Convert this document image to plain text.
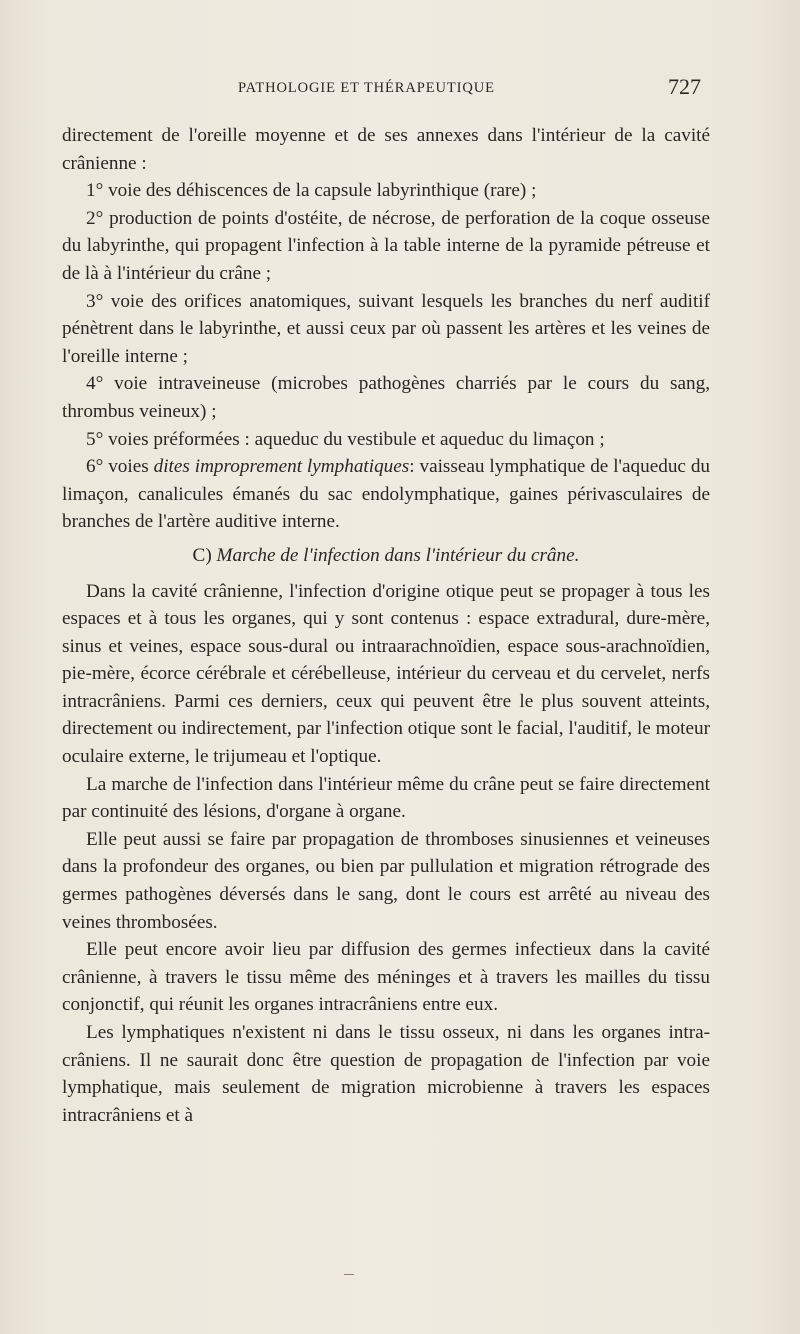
PATHOLOGIE ET THÉRAPEUTIQUE	727

directement de l'oreille moyenne et de ses annexes dans l'intérieur de la cavité crânienne :

1° voie des déhiscences de la capsule labyrinthique (rare) ;

2° production de points d'ostéite, de nécrose, de perforation de la coque osseuse du labyrinthe, qui propagent l'infection à la table interne de la pyramide pétreuse et de là à l'intérieur du crâne ;

3° voie des orifices anatomiques, suivant lesquels les branches du nerf auditif pénètrent dans le labyrinthe, et aussi ceux par où passent les artères et les veines de l'oreille interne ;

4° voie intraveineuse (microbes pathogènes charriés par le cours du sang, thrombus veineux) ;

5° voies préformées : aqueduc du vestibule et aqueduc du limaçon ;

6° voies dites improprement lymphatiques: vaisseau lymphatique de l'aqueduc du limaçon, canalicules émanés du sac endolymphatique, gaines périvasculaires de branches de l'artère auditive interne.

C) Marche de l'infection dans l'intérieur du crâne.

Dans la cavité crânienne, l'infection d'origine otique peut se propager à tous les espaces et à tous les organes, qui y sont contenus : espace extradural, dure-mère, sinus et veines, espace sous-dural ou intraarachnoïdien, espace sous-arachnoïdien, pie-mère, écorce cérébrale et cérébelleuse, intérieur du cerveau et du cervelet, nerfs intracrâniens. Parmi ces derniers, ceux qui peuvent être le plus souvent atteints, directement ou indirectement, par l'infection otique sont le facial, l'auditif, le moteur oculaire externe, le trijumeau et l'optique.

La marche de l'infection dans l'intérieur même du crâne peut se faire directement par continuité des lésions, d'organe à organe.

Elle peut aussi se faire par propagation de thromboses sinusiennes et veineuses dans la profondeur des organes, ou bien par pullulation et migration rétrograde des germes pathogènes déversés dans le sang, dont le cours est arrêté au niveau des veines thrombosées.

Elle peut encore avoir lieu par diffusion des germes infectieux dans la cavité crânienne, à travers le tissu même des méninges et à travers les mailles du tissu conjonctif, qui réunit les organes intracrâniens entre eux.

Les lymphatiques n'existent ni dans le tissu osseux, ni dans les organes intra-crâniens. Il ne saurait donc être question de propagation de l'infection par voie lymphatique, mais seulement de migration microbienne à travers les espaces intracrâniens et à
